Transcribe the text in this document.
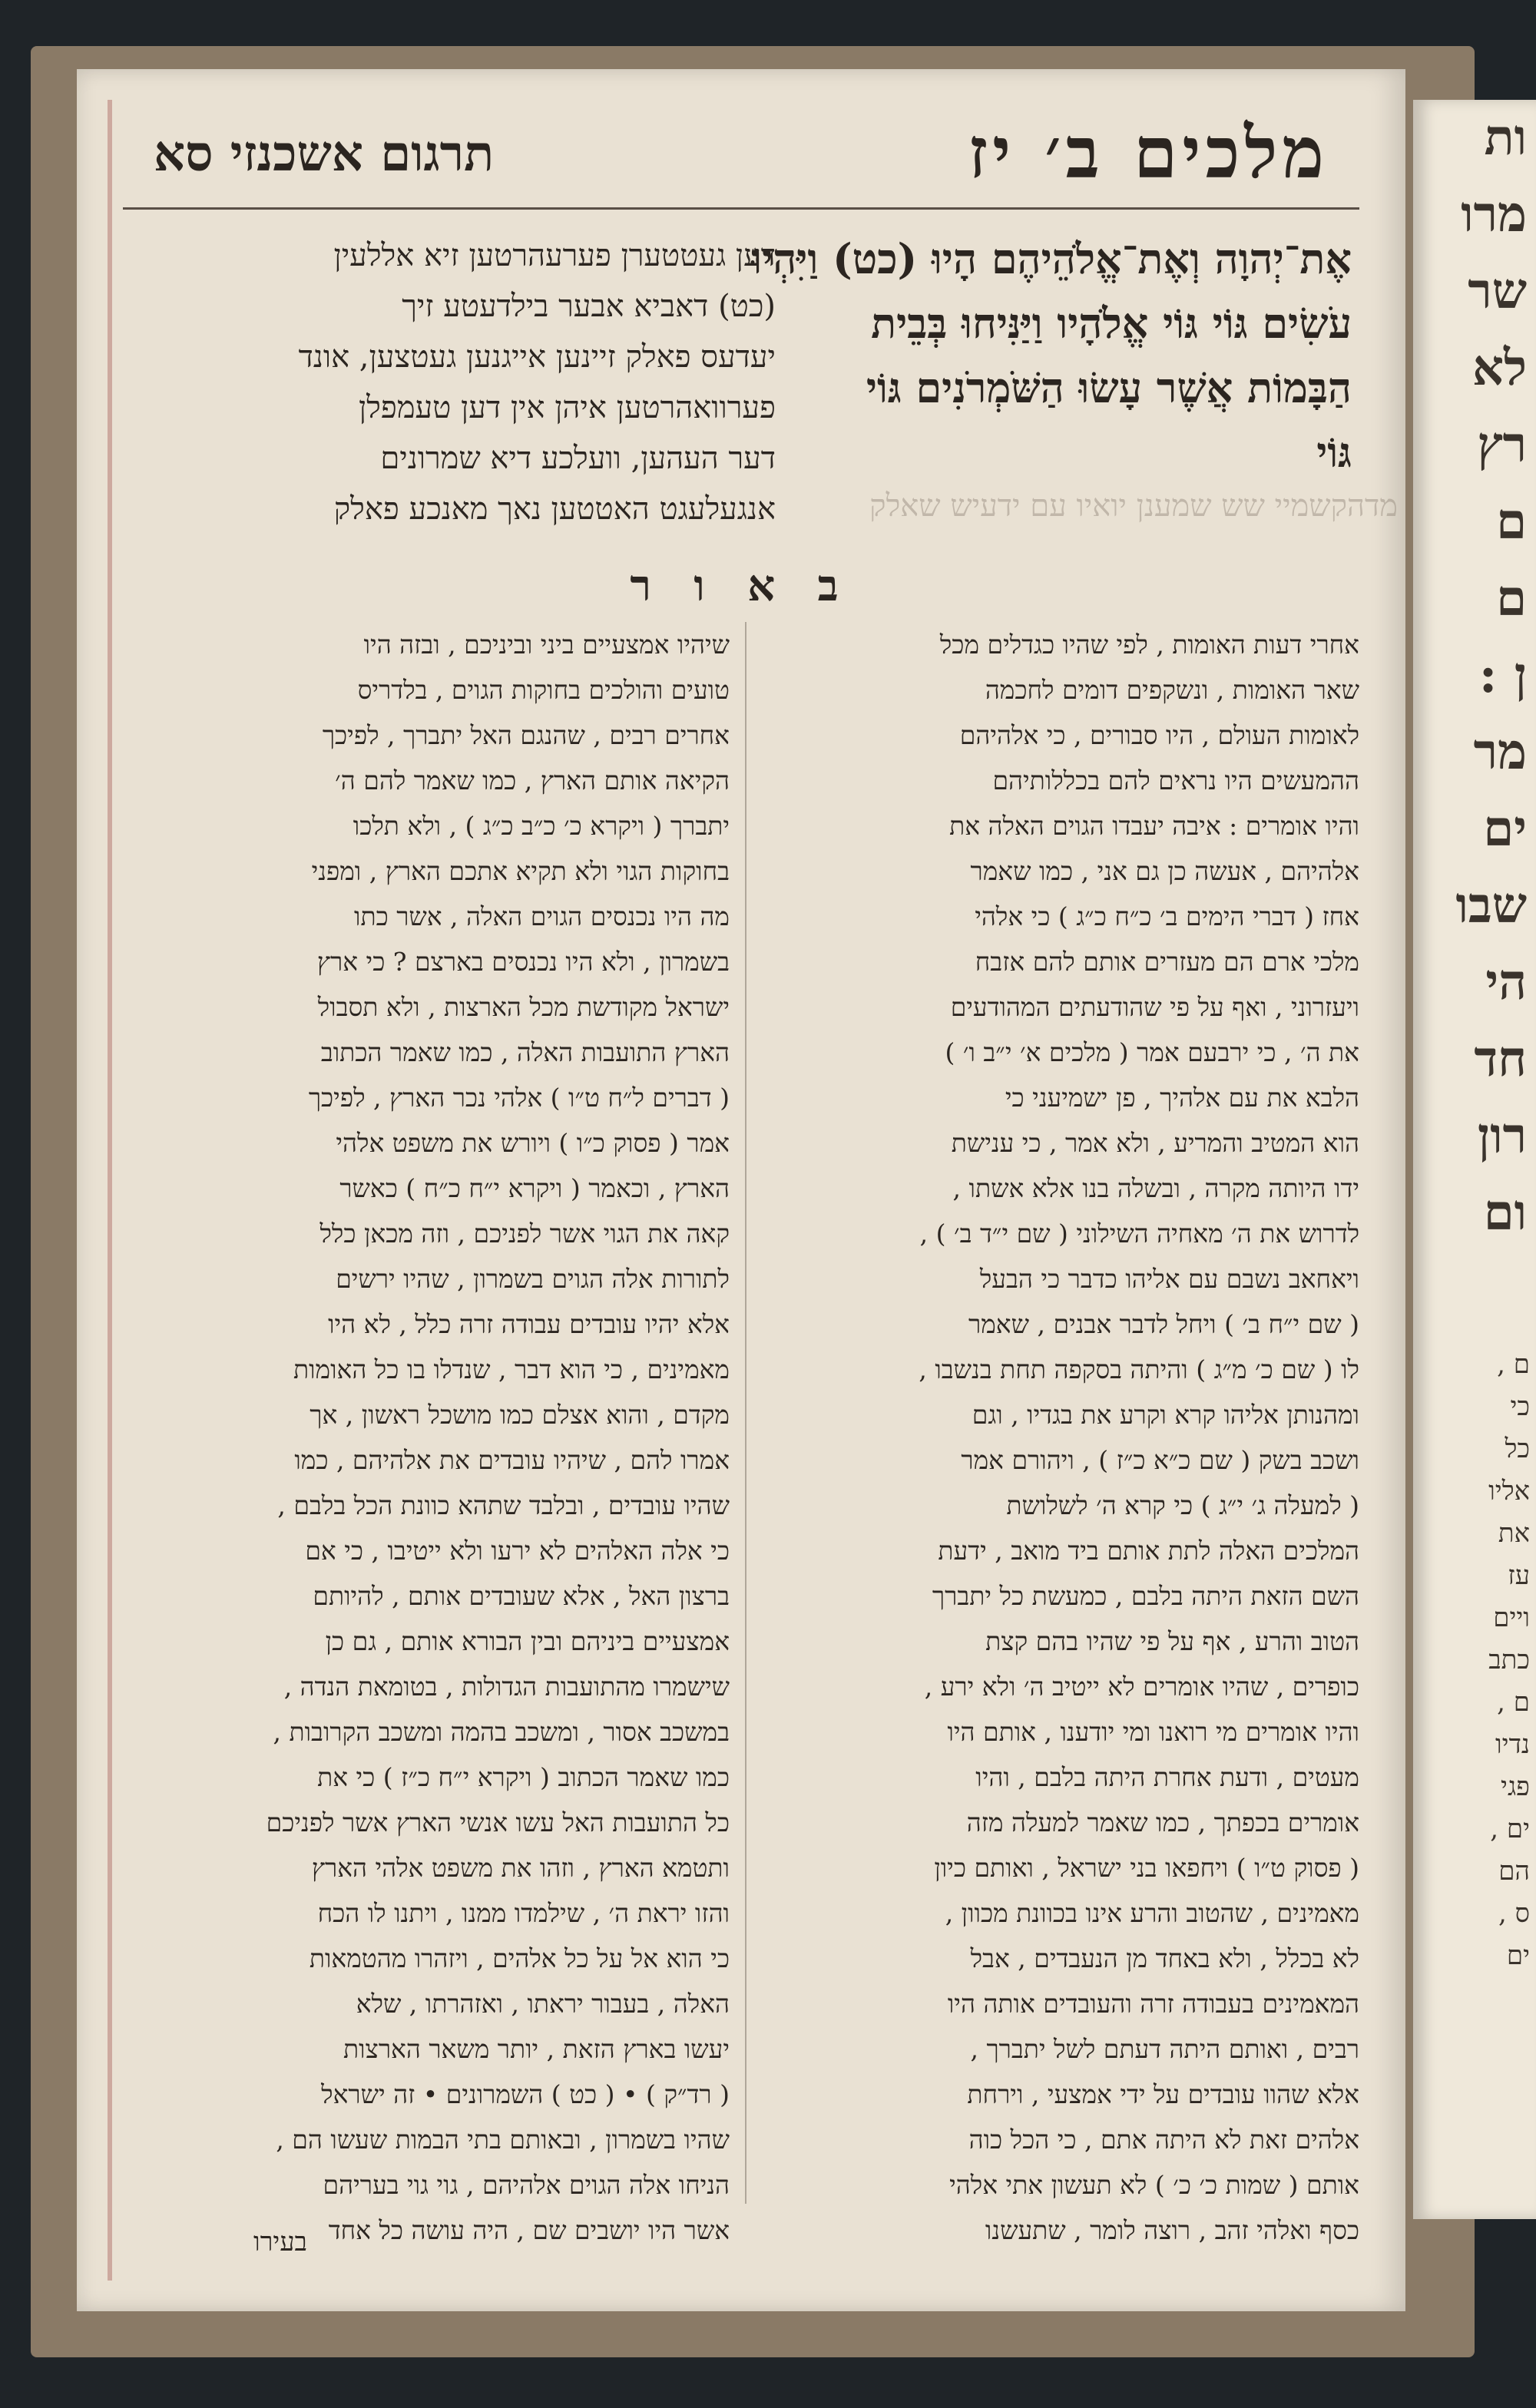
ות
מרו
שר
לא
רץ
ם
ם
ן :
מר
ים
שבו
הי
חד
רון
ום
ם ,
כי
כל
אליו
את
עז
ויים
כתב
ם ,
נדיו
פגי
ים ,
הם
ס ,
ים
מלכים ב׳ יז
תרגום אשכנזי סא
אֶת־יְהוָה וְאֶת־אֱלֹהֵיהֶם הָיוּ (כט) וַיִּהְיוּ
עֹשִׂים גּוֹי גּוֹי אֱלֹהָיו וַיַּנִּיחוּ בְּבֵית
הַבָּמוֹת אֲשֶׁר עָשׂוּ הַשֹּׁמְרֹנִים גּוֹי
גּוֹי
דען געטטערן פערעהרטען זיא אללעין
(כט) דאביא אבער בילדעטע זיך
יעדעס פאלק זיינען אייגנען געטצען, אונד
פערוואהרטען איהן אין דען טעמפלן
דער העהען, וועלכע דיא שמרונים
אנגעלעגט האטטען נאך מאנכע פאלק	מדהקשמיי שש שמענן יואיו עם ידעיש שאלק
ב א ו ר
אחרי דעות האומות , לפי שהיו כגדלים מכל
שאר האומות , ונשקפים דומים לחכמה
לאומות העולם , היו סבורים , כי אלהיהם
ההמעשים היו נראים להם בכללותיהם
והיו אומרים : איבה יעבדו הגוים האלה את
אלהיהם , אעשה כן גם אני , כמו שאמר
אחז ( דברי הימים ב׳ כ״ח כ״ג ) כי אלהי
מלכי ארם הם מעזרים אותם להם אזבח
ויעזרוני , ואף על פי שהודעתים המהודעים
את ה׳ , כי ירבעם אמר ( מלכים א׳ י״ב ו׳ )
הלבא את עם אלהיך , פן ישמיעני כי
הוא המטיב והמריע , ולא אמר , כי ענישת
ידו היותה מקרה , ובשלה בנו אלא אשתו ,
לדרוש את ה׳ מאחיה השילוני ( שם י״ד ב׳ ) ,
ויאחאב נשבם עם אליהו כדבר כי הבעל
( שם י״ח ב׳ ) ויחל לדבר אבנים , שאמר
לו ( שם כ׳ מ״ג ) והיתה בסקפה תחת בנשבו ,
ומהנותן אליהו קרא וקרע את בגדיו , וגם
ושכב בשק ( שם כ״א כ״ז ) , ויהורם אמר
( למעלה ג׳ י״ג ) כי קרא ה׳ לשלושת
המלכים האלה לתת אותם ביד מואב , ידעת
השם הזאת היתה בלבם , כמעשת כל יתברך
הטוב והרע , אף על פי שהיו בהם קצת
כופרים , שהיו אומרים לא ייטיב ה׳ ולא ירע ,
והיו אומרים מי רואנו ומי יודענו , אותם היו
מעטים , ודעת אחרת היתה בלבם , והיו
אומרים בכפתך , כמו שאמר למעלה מזה
( פסוק ט״ו ) ויחפאו בני ישראל , ואותם כיון
מאמינים , שהטוב והרע אינו בכוונת מכוון ,
לא בכלל , ולא באחד מן הנעבדים , אבל
המאמינים בעבודה זרה והעובדים אותה היו
רבים , ואותם היתה דעתם לשל יתברך ,
אלא שהוו עובדים על ידי אמצעי , וירחת
אלהים זאת לא היתה אתם , כי הכל כוה
אותם ( שמות כ׳ כ׳ ) לא תעשון אתי אלהי
כסף ואלהי זהב , רוצה לומר , שתעשנו
שיהיו אמצעיים ביני וביניכם , ובזה היו
טועים והולכים בחוקות הגוים , בלדריס
אחרים רבים , שהנגם האל יתברך , לפיכך
הקיאה אותם הארץ , כמו שאמר להם ה׳
יתברך ( ויקרא כ׳ כ״ב כ״ג ) , ולא תלכו
בחוקות הגוי ולא תקיא אתכם הארץ , ומפני
מה היו נכנסים הגוים האלה , אשר כתו
בשמרון , ולא היו נכנסים בארצם ? כי ארץ
ישראל מקודשת מכל הארצות , ולא תסבול
הארץ התועבות האלה , כמו שאמר הכתוב
( דברים ל״ח ט״ו ) אלהי נכר הארץ , לפיכך
אמר ( פסוק כ״ו ) ויורש את משפט אלהי
הארץ , וכאמר ( ויקרא י״ח כ״ח ) כאשר
קאה את הגוי אשר לפניכם , וזה מכאן כלל
לתורות אלה הגוים בשמרון , שהיו ירשים
אלא יהיו עובדים עבודה זרה כלל , לא היו
מאמינים , כי הוא דבר , שנדלו בו כל האומות
מקדם , והוא אצלם כמו מושכל ראשון , אך
אמרו להם , שיהיו עובדים את אלהיהם , כמו
שהיו עובדים , ובלבד שתהא כוונת הכל בלבם ,
כי אלה האלהים לא ירעו ולא ייטיבו , כי אם
ברצון האל , אלא שעובדים אותם , להיותם
אמצעיים ביניהם ובין הבורא אותם , גם כן
שישמרו מהתועבות הגדולות , בטומאת הנדה ,
במשכב אסור , ומשכב בהמה ומשכב הקרובות ,
כמו שאמר הכתוב ( ויקרא י״ח כ״ז ) כי את
כל התועבות האל עשו אנשי הארץ אשר לפניכם
ותטמא הארץ , וזהו את משפט אלהי הארץ
והזו יראת ה׳ , שילמדו ממנו , ויתנו לו הכח
כי הוא אל על כל אלהים , ויזהרו מהטמאות
האלה , בעבור יראתו , ואזהרתו , שלא
יעשו בארץ הזאת , יותר משאר הארצות
( רד״ק ) • ( כט ) השמרונים • זה ישראל
שהיו בשמרון , ובאותם בתי הבמות שעשו הם ,
הניחו אלה הגוים אלהיהם , גוי גוי בעריהם
אשר היו יושבים שם , היה עושה כל אחד
בעירו
